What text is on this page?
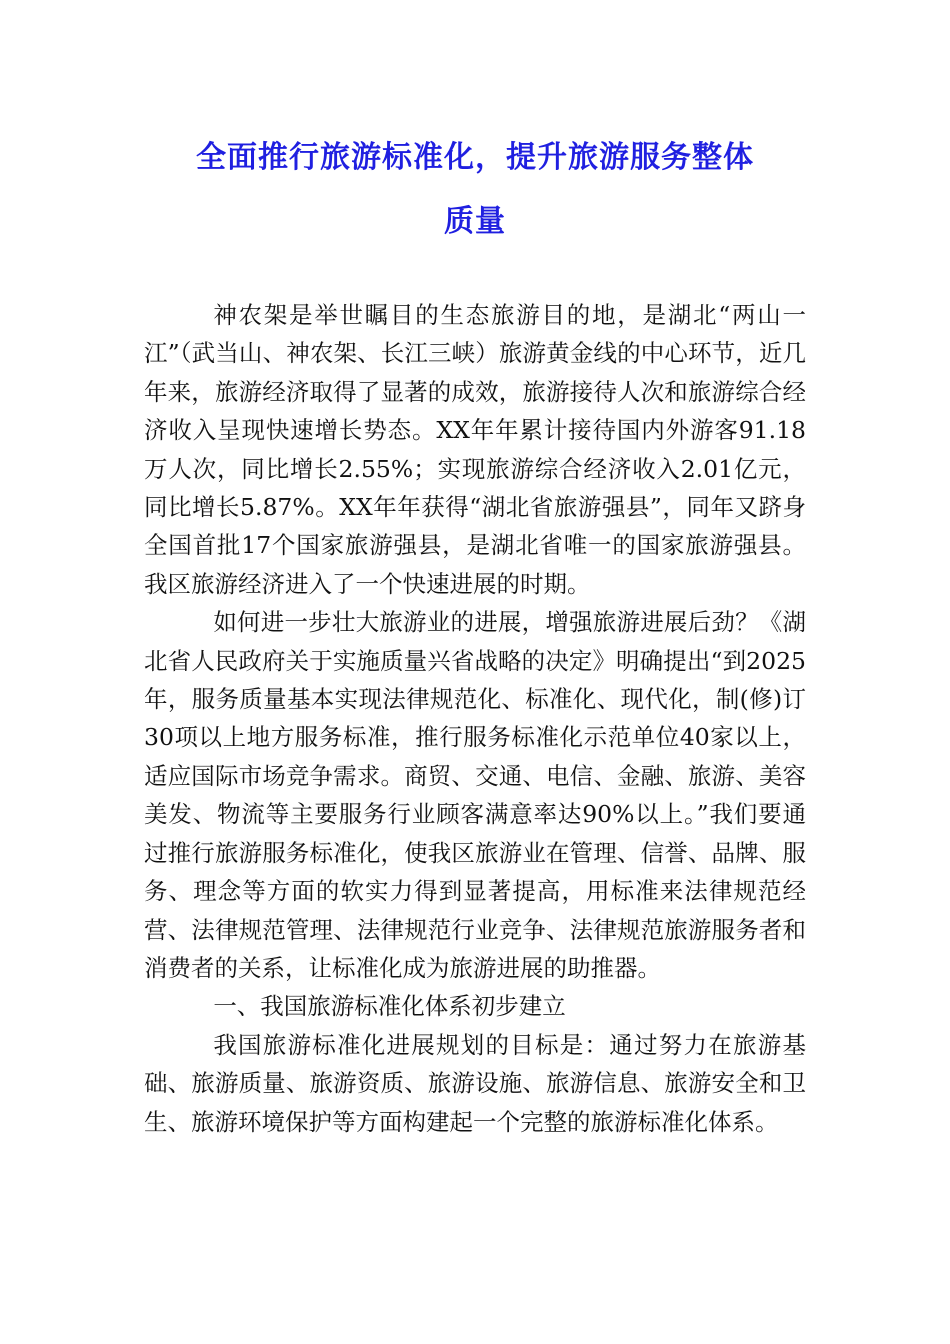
全面推行旅游标准化，提升旅游服务整体
质量

神农架是举世瞩目的生态旅游目的地，是湖北“两山一江”（武当山、神农架、长江三峡）旅游黄金线的中心环节，近几年来，旅游经济取得了显著的成效，旅游接待人次和旅游综合经济收入呈现快速增长势态。XX年年累计接待国内外游客91.18万人次，同比增长2.55%；实现旅游综合经济收入2.01亿元，同比增长5.87%。XX年年获得“湖北省旅游强县”，同年又跻身全国首批17个国家旅游强县，是湖北省唯一的国家旅游强县。我区旅游经济进入了一个快速进展的时期。

如何进一步壮大旅游业的进展，增强旅游进展后劲？《湖北省人民政府关于实施质量兴省战略的决定》明确提出“到2025年，服务质量基本实现法律规范化、标准化、现代化，制(修)订30项以上地方服务标准，推行服务标准化示范单位40家以上，适应国际市场竞争需求。商贸、交通、电信、金融、旅游、美容美发、物流等主要服务行业顾客满意率达90%以上。”我们要通过推行旅游服务标准化，使我区旅游业在管理、信誉、品牌、服务、理念等方面的软实力得到显著提高，用标准来法律规范经营、法律规范管理、法律规范行业竞争、法律规范旅游服务者和消费者的关系，让标准化成为旅游进展的助推器。

一、我国旅游标准化体系初步建立

我国旅游标准化进展规划的目标是：通过努力在旅游基础、旅游质量、旅游资质、旅游设施、旅游信息、旅游安全和卫生、旅游环境保护等方面构建起一个完整的旅游标准化体系。
